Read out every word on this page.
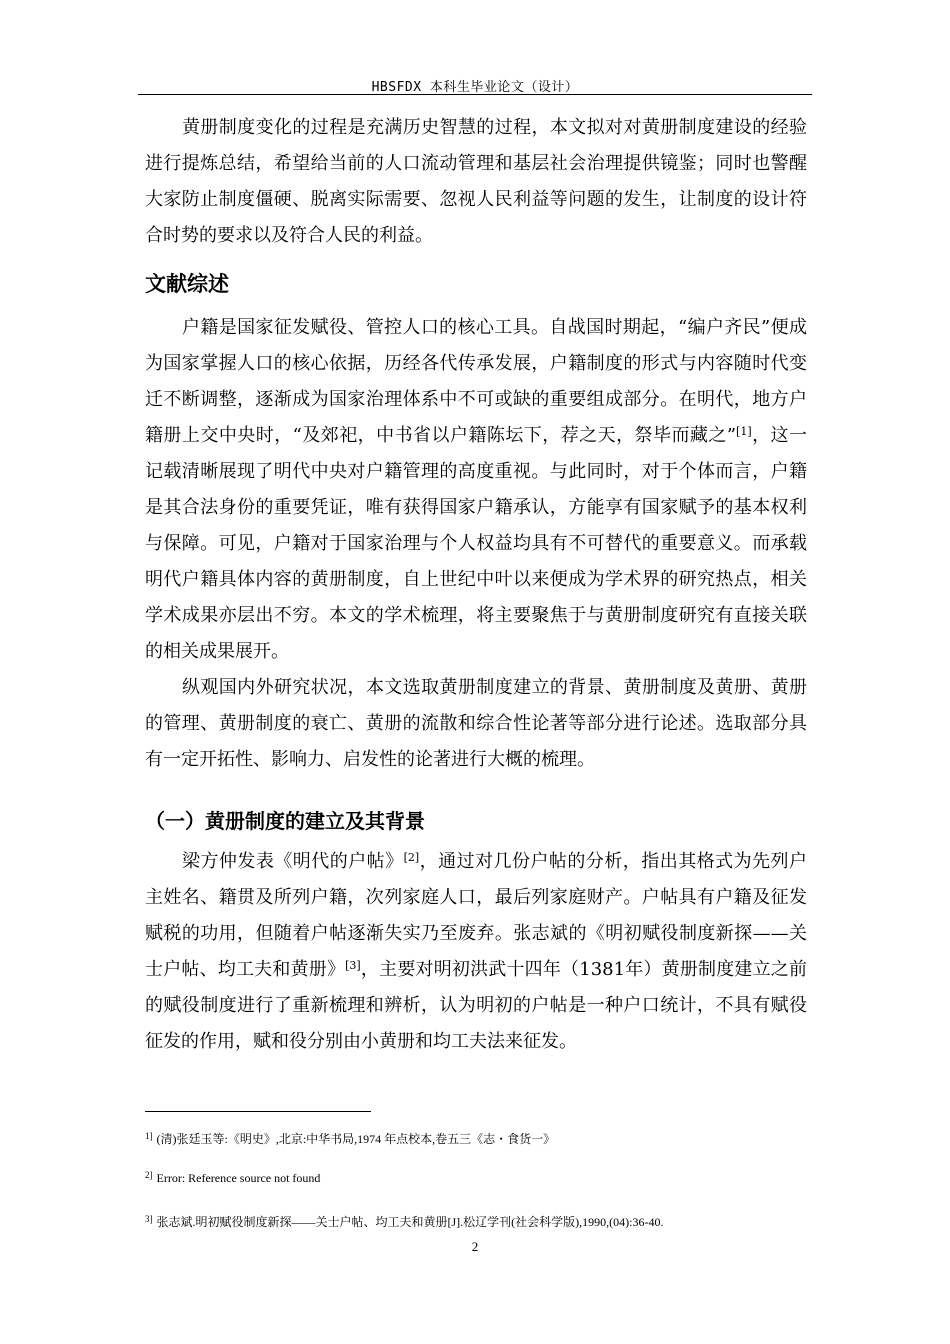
HBSFDX 本科生毕业论文（设计）

黄册制度变化的过程是充满历史智慧的过程，本文拟对对黄册制度建设的经验进行提炼总结，希望给当前的人口流动管理和基层社会治理提供镜鉴；同时也警醒大家防止制度僵硬、脱离实际需要、忽视人民利益等问题的发生，让制度的设计符合时势的要求以及符合人民的利益。

文献综述

户籍是国家征发赋役、管控人口的核心工具。自战国时期起，“编户齐民”便成为国家掌握人口的核心依据，历经各代传承发展，户籍制度的形式与内容随时代变迁不断调整，逐渐成为国家治理体系中不可或缺的重要组成部分。在明代，地方户籍册上交中央时，“及郊祀，中书省以户籍陈坛下，荐之天，祭毕而藏之”[1]，这一记载清晰展现了明代中央对户籍管理的高度重视。与此同时，对于个体而言，户籍是其合法身份的重要凭证，唯有获得国家户籍承认，方能享有国家赋予的基本权利与保障。可见，户籍对于国家治理与个人权益均具有不可替代的重要意义。而承载明代户籍具体内容的黄册制度，自上世纪中叶以来便成为学术界的研究热点，相关学术成果亦层出不穷。本文的学术梳理，将主要聚焦于与黄册制度研究有直接关联的相关成果展开。

纵观国内外研究状况，本文选取黄册制度建立的背景、黄册制度及黄册、黄册的管理、黄册制度的衰亡、黄册的流散和综合性论著等部分进行论述。选取部分具有一定开拓性、影响力、启发性的论著进行大概的梳理。

（一）黄册制度的建立及其背景

梁方仲发表《明代的户帖》[2]，通过对几份户帖的分析，指出其格式为先列户主姓名、籍贯及所列户籍，次列家庭人口，最后列家庭财产。户帖具有户籍及征发赋税的功用，但随着户帖逐渐失实乃至废弃。张志斌的《明初赋役制度新探——关士户帖、均工夫和黄册》[3]，主要对明初洪武十四年（1381年）黄册制度建立之前的赋役制度进行了重新梳理和辨析，认为明初的户帖是一种户口统计，不具有赋役征发的作用，赋和役分别由小黄册和均工夫法来征发。

$^{1]}$ (清)张廷玉等:《明史》,北京:中华书局,1974 年点校本,卷五三《志・食货一》
$^{2]}$ Error: Reference source not found
$^{3]}$ 张志斌.明初赋役制度新探——关士户帖、均工夫和黄册[J].松辽学刊(社会科学版),1990,(04):36-40.
2
